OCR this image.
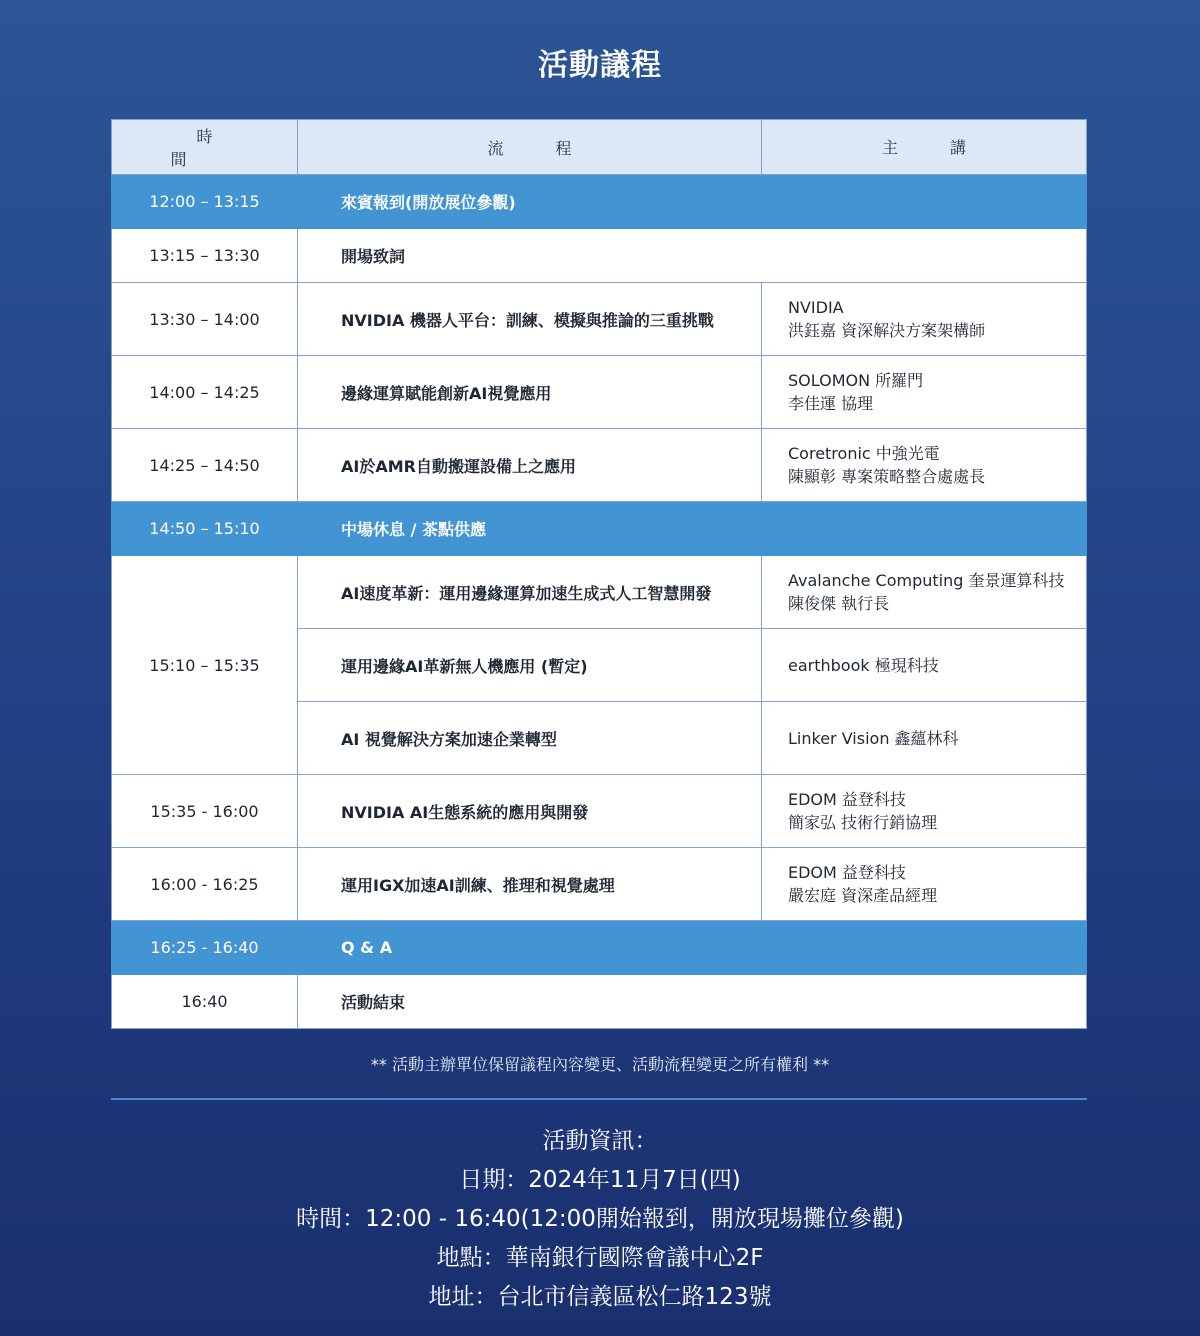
活動議程
時間	流程	主講
12:00 – 13:15	來賓報到(開放展位參觀)	
13:15 – 13:30	開場致詞	
13:30 – 14:00	NVIDIA 機器人平台：訓練、模擬與推論的三重挑戰	NVIDIA
洪鈺嘉 資深解決方案架構師

14:00 – 14:25	邊緣運算賦能創新AI視覺應用	SOLOMON 所羅門
李佳運 協理

14:25 – 14:50	AI於AMR自動搬運設備上之應用	Coretronic 中強光電
陳顯彰 專案策略整合處處長

14:50 – 15:10	中場休息 / 茶點供應	
15:10 – 15:35	AI速度革新：運用邊緣運算加速生成式人工智慧開發	Avalanche Computing 奎景運算科技
陳俊傑 執行長

	運用邊緣AI革新無人機應用 (暫定)	earthbook 極現科技

	AI 視覺解決方案加速企業轉型	Linker Vision 鑫蘊林科

15:35 - 16:00	NVIDIA AI生態系統的應用與開發	EDOM 益登科技
簡家弘 技術行銷協理

16:00 - 16:25	運用IGX加速AI訓練、推理和視覺處理	EDOM 益登科技
嚴宏庭 資深產品經理

16:25 - 16:40	Q & A	
16:40	活動結束	
** 活動主辦單位保留議程內容變更、活動流程變更之所有權利 **
活動資訊：
日期：2024年11月7日(四)
時間：12:00 - 16:40(12:00開始報到，開放現場攤位參觀)
地點：華南銀行國際會議中心2F
地址：台北市信義區松仁路123號
